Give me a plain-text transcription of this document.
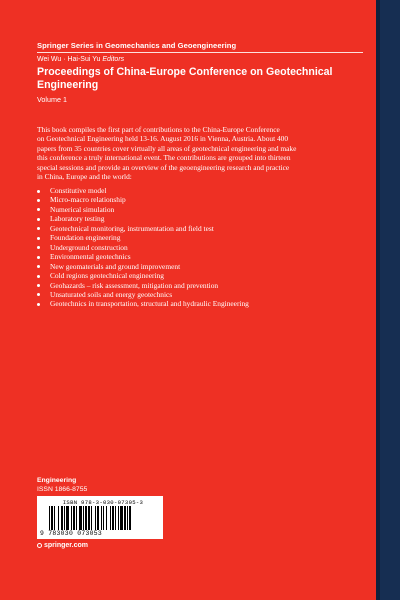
Springer Series in Geomechanics and Geoengineering
Wei Wu · Hai-Sui Yu Editors
Proceedings of China-Europe Conference on Geotechnical Engineering
Volume 1
This book compiles the first part of contributions to the China-Europe Conference
on Geotechnical Engineering held 13-16. August 2016 in Vienna, Austria. About 400
papers from 35 countries cover virtually all areas of geotechnical engineering and make
this conference a truly international event. The contributions are grouped into thirteen
special sessions and provide an overview of the geoengineering research and practice
in China, Europe and the world:
Constitutive model
Micro-macro relationship
Numerical simulation
Laboratory testing
Geotechnical monitoring, instrumentation and field test
Foundation engineering
Underground construction
Environmental geotechnics
New geomaterials and ground improvement
Cold regions geotechnical engineering
Geohazards – risk assessment, mitigation and prevention
Unsaturated soils and energy geotechnics
Geotechnics in transportation, structural and hydraulic Engineering
Engineering
ISSN 1866-8755
ISBN 978-3-030-07305-3
9 783030 073053
springer.com
